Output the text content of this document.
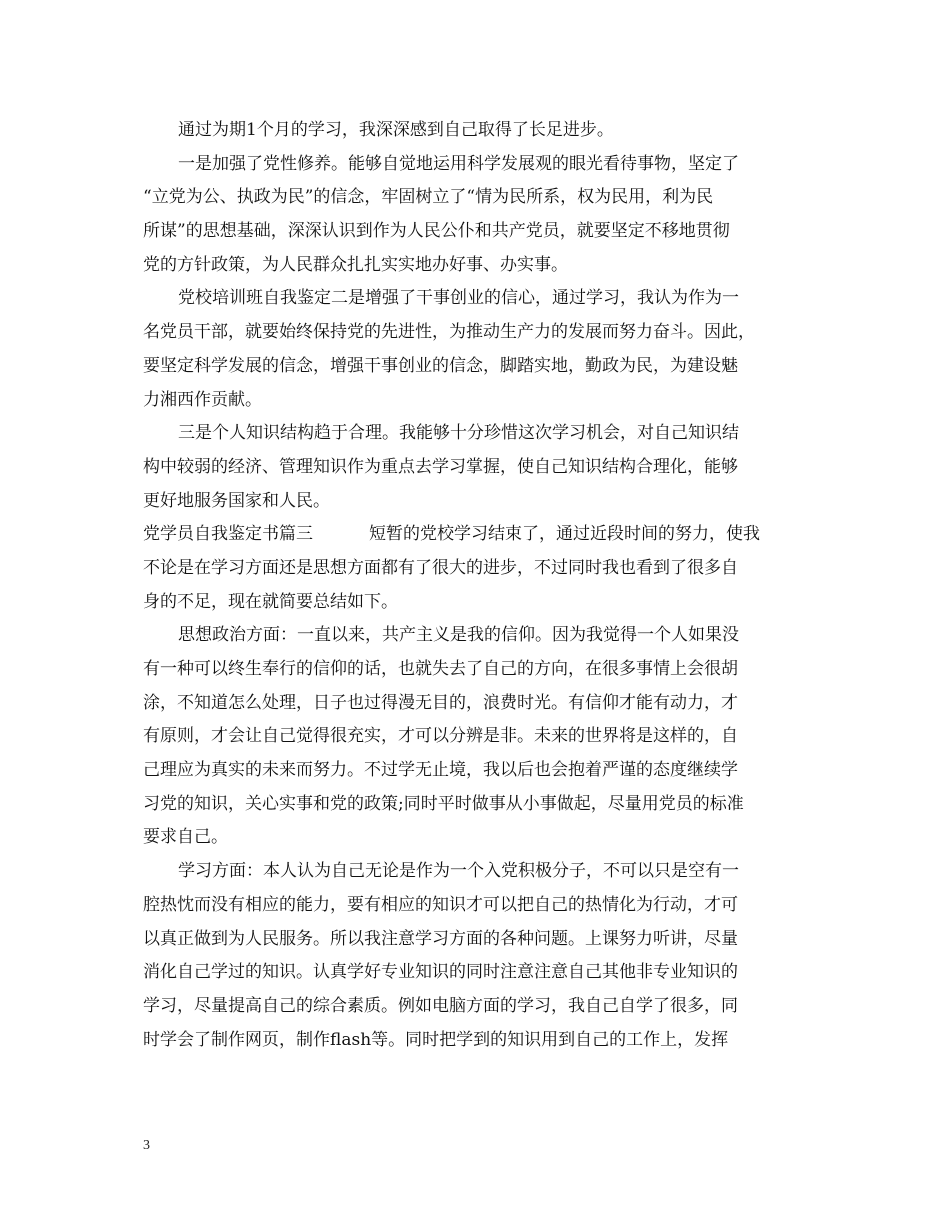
通过为期1个月的学习，我深深感到自己取得了长足进步。
一是加强了党性修养。能够自觉地运用科学发展观的眼光看待事物，坚定了
“立党为公、执政为民”的信念，牢固树立了“情为民所系，权为民用，利为民
所谋”的思想基础，深深认识到作为人民公仆和共产党员，就要坚定不移地贯彻
党的方针政策，为人民群众扎扎实实地办好事、办实事。
党校培训班自我鉴定二是增强了干事创业的信心，通过学习，我认为作为一
名党员干部，就要始终保持党的先进性，为推动生产力的发展而努力奋斗。因此，
要坚定科学发展的信念，增强干事创业的信念，脚踏实地，勤政为民，为建设魅
力湘西作贡献。
三是个人知识结构趋于合理。我能够十分珍惜这次学习机会，对自己知识结
构中较弱的经济、管理知识作为重点去学习掌握，使自己知识结构合理化，能够
更好地服务国家和人民。
党学员自我鉴定书篇三	短暂的党校学习结束了，通过近段时间的努力，使我
不论是在学习方面还是思想方面都有了很大的进步，不过同时我也看到了很多自
身的不足，现在就简要总结如下。
思想政治方面：一直以来，共产主义是我的信仰。因为我觉得一个人如果没
有一种可以终生奉行的信仰的话，也就失去了自己的方向，在很多事情上会很胡
涂，不知道怎么处理，日子也过得漫无目的，浪费时光。有信仰才能有动力，才
有原则，才会让自己觉得很充实，才可以分辨是非。未来的世界将是这样的，自
己理应为真实的未来而努力。不过学无止境，我以后也会抱着严谨的态度继续学
习党的知识，关心实事和党的政策;同时平时做事从小事做起，尽量用党员的标准
要求自己。
学习方面：本人认为自己无论是作为一个入党积极分子，不可以只是空有一
腔热忱而没有相应的能力，要有相应的知识才可以把自己的热情化为行动，才可
以真正做到为人民服务。所以我注意学习方面的各种问题。上课努力听讲，尽量
消化自己学过的知识。认真学好专业知识的同时注意注意自己其他非专业知识的
学习，尽量提高自己的综合素质。例如电脑方面的学习，我自己自学了很多，同
时学会了制作网页，制作flash等。同时把学到的知识用到自己的工作上，发挥
3
